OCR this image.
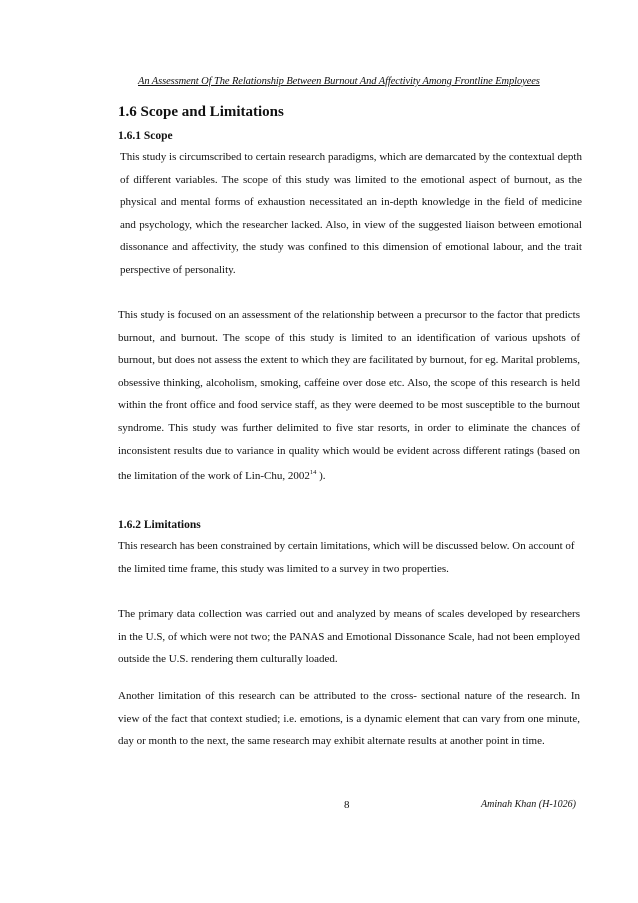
An Assessment Of The Relationship Between Burnout And Affectivity Among Frontline Employees
1.6 Scope and Limitations
1.6.1 Scope

This study is circumscribed to certain research paradigms, which are demarcated by the contextual depth of different variables. The scope of this study was limited to the emotional aspect of burnout, as the physical and mental forms of exhaustion necessitated an in-depth knowledge in the field of medicine and psychology, which the researcher lacked. Also, in view of the suggested liaison between emotional dissonance and affectivity, the study was confined to this dimension of emotional labour, and the trait perspective of personality.

This study is focused on an assessment of the relationship between a precursor to the factor that predicts burnout, and burnout. The scope of this study is limited to an identification of various upshots of burnout, but does not assess the extent to which they are facilitated by burnout, for eg. Marital problems, obsessive thinking, alcoholism, smoking, caffeine over dose etc. Also, the scope of this research is held within the front office and food service staff, as they were deemed to be most susceptible to the burnout syndrome. This study was further delimited to five star resorts, in order to eliminate the chances of inconsistent results due to variance in quality which would be evident across different ratings (based on the limitation of the work of Lin-Chu, 2002$^{14}$ ).

1.6.2 Limitations

This research has been constrained by certain limitations, which will be discussed below. On account of the limited time frame, this study was limited to a survey in two properties.

The primary data collection was carried out and analyzed by means of scales developed by researchers in the U.S, of which were not two; the PANAS and Emotional Dissonance Scale, had not been employed outside the U.S. rendering them culturally loaded.

Another limitation of this research can be attributed to the cross- sectional nature of the research. In view of the fact that context studied; i.e. emotions, is a dynamic element that can vary from one minute, day or month to the next, the same research may exhibit alternate results at another point in time.

8	Aminah Khan (H-1026)
